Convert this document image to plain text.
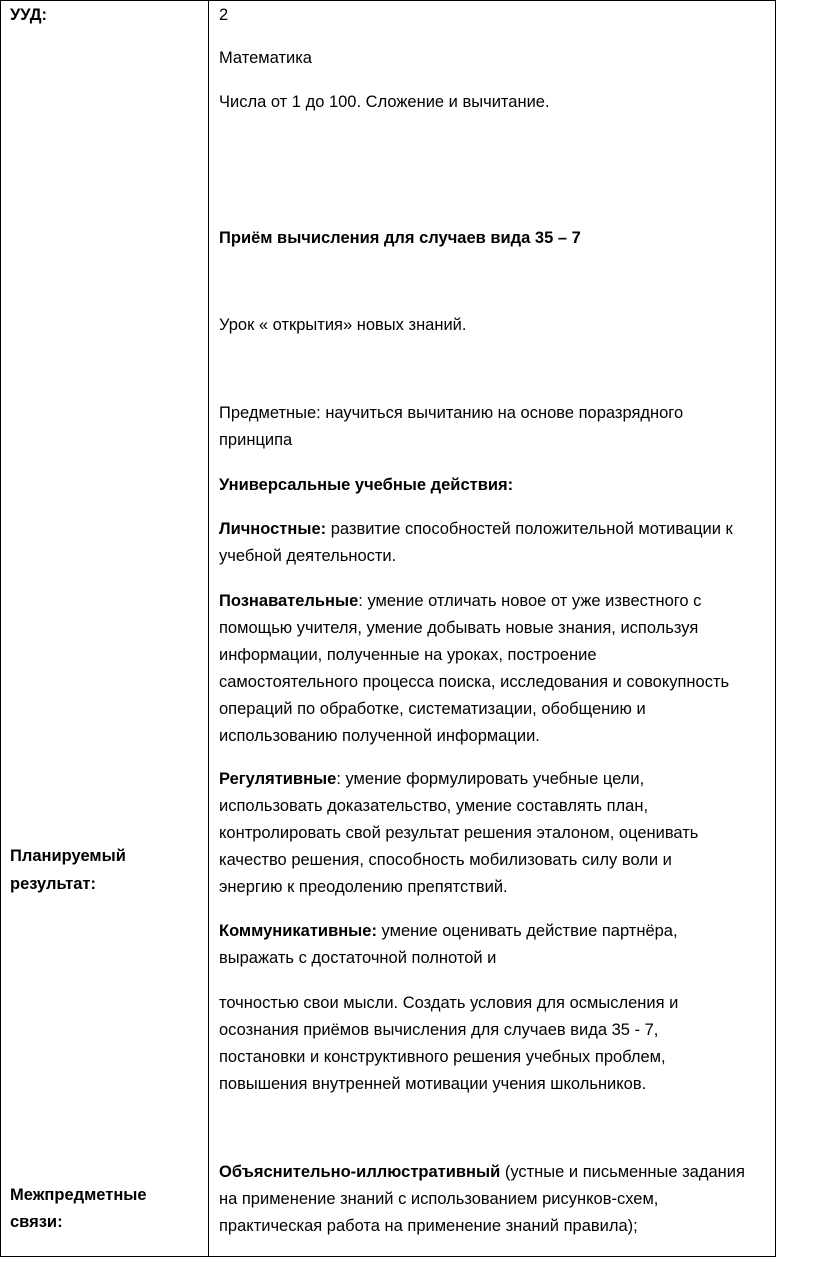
УУД:
Планируемый
результат:
Межпредметные
связи:
2
Математика
Числа от 1 до 100. Сложение и вычитание.
Приём вычисления для случаев вида 35 – 7
Урок « открытия» новых знаний.
Предметные: научиться вычитанию на основе поразрядного
принципа
Универсальные учебные действия:
Личностные: развитие способностей положительной мотивации к
учебной деятельности.
Познавательные: умение отличать новое от уже известного с
помощью учителя, умение добывать новые знания, используя
информации, полученные на уроках, построение
самостоятельного процесса поиска, исследования и совокупность
операций по обработке, систематизации, обобщению и
использованию полученной информации.
Регулятивные: умение формулировать учебные цели,
использовать доказательство, умение составлять план,
контролировать свой результат решения эталоном, оценивать
качество решения, способность мобилизовать силу воли и
энергию к преодолению препятствий.
Коммуникативные: умение оценивать действие партнёра,
выражать с достаточной полнотой и
точностью свои мысли. Создать условия для осмысления и
осознания приёмов вычисления для случаев вида 35 - 7,
постановки и конструктивного решения учебных проблем,
повышения внутренней мотивации учения школьников.
Объяснительно-иллюстративный (устные и письменные задания
на применение знаний с использованием рисунков-схем,
практическая работа на применение знаний правила);
